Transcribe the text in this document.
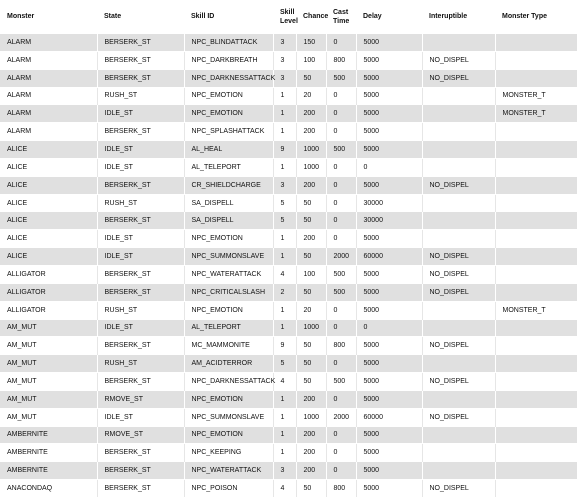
Monster	State	Skill ID	Skill Level	Chance	Cast Time	Delay	Interuptible	Monster Type
ALARM	BERSERK_ST	NPC_BLINDATTACK	3	150	0	5000		
ALARM	BERSERK_ST	NPC_DARKBREATH	3	100	800	5000	NO_DISPEL	
ALARM	BERSERK_ST	NPC_DARKNESSATTACK	3	50	500	5000	NO_DISPEL	
ALARM	RUSH_ST	NPC_EMOTION	1	20	0	5000		MONSTER_T
ALARM	IDLE_ST	NPC_EMOTION	1	200	0	5000		MONSTER_T
ALARM	BERSERK_ST	NPC_SPLASHATTACK	1	200	0	5000		
ALICE	IDLE_ST	AL_HEAL	9	1000	500	5000		
ALICE	IDLE_ST	AL_TELEPORT	1	1000	0	0		
ALICE	BERSERK_ST	CR_SHIELDCHARGE	3	200	0	5000	NO_DISPEL	
ALICE	RUSH_ST	SA_DISPELL	5	50	0	30000		
ALICE	BERSERK_ST	SA_DISPELL	5	50	0	30000		
ALICE	IDLE_ST	NPC_EMOTION	1	200	0	5000		
ALICE	IDLE_ST	NPC_SUMMONSLAVE	1	50	2000	60000	NO_DISPEL	
ALLIGATOR	BERSERK_ST	NPC_WATERATTACK	4	100	500	5000	NO_DISPEL	
ALLIGATOR	BERSERK_ST	NPC_CRITICALSLASH	2	50	500	5000	NO_DISPEL	
ALLIGATOR	RUSH_ST	NPC_EMOTION	1	20	0	5000		MONSTER_T
AM_MUT	IDLE_ST	AL_TELEPORT	1	1000	0	0		
AM_MUT	BERSERK_ST	MC_MAMMONITE	9	50	800	5000	NO_DISPEL	
AM_MUT	RUSH_ST	AM_ACIDTERROR	5	50	0	5000		
AM_MUT	BERSERK_ST	NPC_DARKNESSATTACK	4	50	500	5000	NO_DISPEL	
AM_MUT	RMOVE_ST	NPC_EMOTION	1	200	0	5000		
AM_MUT	IDLE_ST	NPC_SUMMONSLAVE	1	1000	2000	60000	NO_DISPEL	
AMBERNITE	RMOVE_ST	NPC_EMOTION	1	200	0	5000		
AMBERNITE	BERSERK_ST	NPC_KEEPING	1	200	0	5000		
AMBERNITE	BERSERK_ST	NPC_WATERATTACK	3	200	0	5000		
ANACONDAQ	BERSERK_ST	NPC_POISON	4	50	800	5000	NO_DISPEL	
